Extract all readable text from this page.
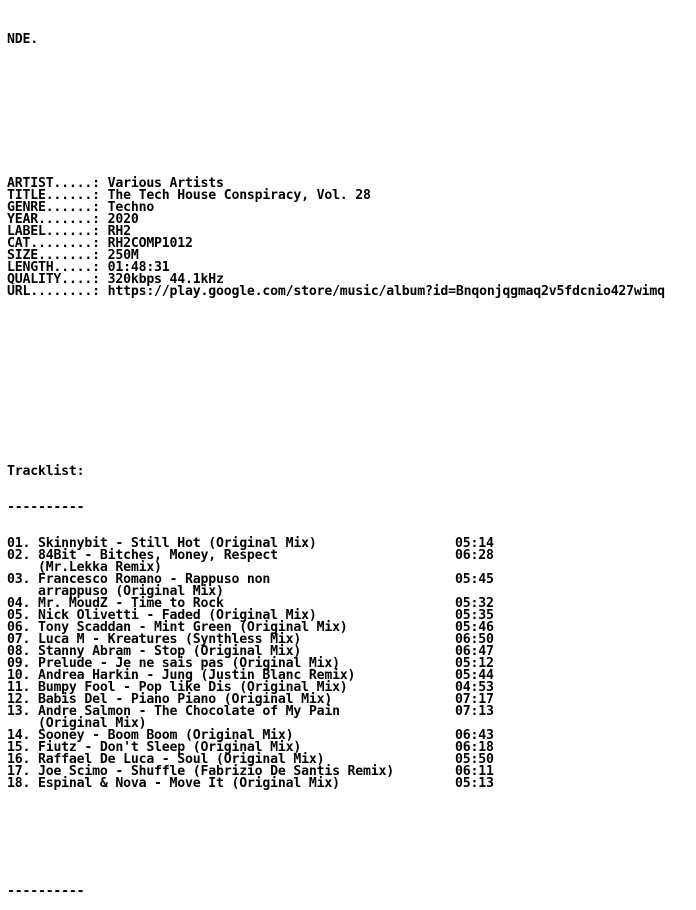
NDE.

ARTIST.....: Various Artists
TITLE......: The Tech House Conspiracy, Vol. 28
GENRE......: Techno
YEAR.......: 2020
LABEL......: RH2
CAT........: RH2COMP1012
SIZE.......: 250M
LENGTH.....: 01:48:31
QUALITY....: 320kbps 44.1kHz
URL........: https://play.google.com/store/music/album?id=Bnqonjqgmaq2v5fdcnio427wimq

Tracklist:

----------

01. Skinnybit - Still Hot (Original Mix)	05:14
02. 84Bit - Bitches, Money, Respect	06:28
(Mr.Lekka Remix)
03. Francesco Romano - Rappuso non	05:45
arrappuso (Original Mix)
04. Mr. MoudZ - Time to Rock	05:32
05. Nick Olivetti - Faded (Original Mix)	05:35
06. Tony Scaddan - Mint Green (Original Mix)	05:46
07. Luca M - Kreatures (Synthless Mix)	06:50
08. Stanny Abram - Stop (Original Mix)	06:47
09. Prelude - Je ne sais pas (Original Mix)	05:12
10. Andrea Harkin - Jung (Justin Blanc Remix)	05:44
11. Bumpy Fool - Pop like Dis (Original Mix)	04:53
12. Babis Del - Piano Piano (Original Mix)	07:17
13. Andre Salmon - The Chocolate of My Pain	07:13
(Original Mix)
14. Sooney - Boom Boom (Original Mix)	06:43
15. Fiutz - Don't Sleep (Original Mix)	06:18
16. Raffael De Luca - Soul (Original Mix)	05:50
17. Joe Scimo - Shuffle (Fabrizio De Santis Remix)	06:11
18. Espinal & Nova - Move It (Original Mix)	05:13

----------
